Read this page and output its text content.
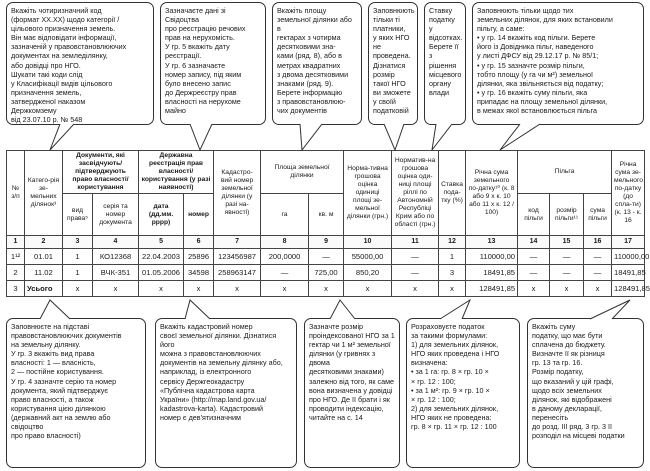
Вкажіть чотиризначний код
(формат ХХ.ХХ) щодо категорії /
цільового призначення земель.
Він має відповідати інформації,
зазначеній у правовстановлюючих
документах на земледілянку,
або довідці про НГО.
Шукати такі коди слід
у Класифікації видів цільового
призначення земель,
затвердженої наказом
Держкомзему
від 23.07.10 р. № 548
Зазначаєте дані зі Свідоцтва
про реєстрацію речових
прав на нерухомість.
У гр. 5 вкажіть дату
реєстрації.
У гр. 6 зазначаєте
номер запису, під яким
було внесено запис
до Держреєстру прав
власності на нерухоме
майно
Вкажіть площу
земельної ділянки або в
гектарах з чотирма
десятковими зна-
ками (ряд. 8), або в
метрах квадратних
з двома десятковими
знаками (ряд. 9).
Берете інформацію
з правовстановлюю-
чих документів
Заповнюють
тільки ті
платники,
у яких НГО
не проведена.
Дізнатися
розмір
такої НГО
ви зможете
у своїй
податковій
Ставку
податку
у відсотках.
Берете її з
рішення
місцевого
органу
влади
Заповнюють тільки щодо тих
земельних ділянок, для яких встановили
пільгу, а саме:
• у гр. 14 вкажіть код пільги. Берете
його із Довідника пільг, наведеного
у листі ДФСУ від 29.12.17 р. № 85/1;
• у гр. 15 зазначте розмір пільги,
тобто площу (у га чи м²) земельної
ділянки, яка звільняється від податку;
• у гр. 16 вкажіть суму пільги, яка
припадає на площу земельної ділянки,
в межах якої встановлюється пільга
№ з/п	Катего-рія зе-мельних ділянок³	Документи, які засвідчують/ підтверджують право власності/ користування		Державна реєстрація прав власності/ користування (у разі наявності)		Кадастро-вий номер земельної ділянки (у разі на-явності)	Площа земельної ділянки		Норма-тивна грошова оцінка одиниці площі зе-мельної ділянки (грн.)	Норматив-на грошова оцінка оди-ниці площі ріллі по Автономній Республіці Крим або по області (грн.)	Ставка пода-тку (%)	Річна сума земельного по-датку¹⁰ (к. 8 або 9 х к. 10 або 11 х к. 12 / 100)	Пільга			Річна сума зе-мельного по-датку (до спла-ти) (к. 13 - к. 16
		вид права⁵	серія та номер документа	дата (дд.мм. рррр)	номер		га	кв. м					код пільги	розмір пільги¹¹	сума пільги	
1	2	3	4	5	6	7	8	9	10	11	12	13	14	15	16	17
1¹²	01.01	1	КО12368	22.04.2003	25896	123456987	200,0000	—	55000,00	—	1	110000,00	—	—	—	110000,00
2	11.02	1	ВЧК-351	01.05.2006	34598	258963147	—	725,00	850,20	—	3	18491,85	—	—	—	18491,85
3	Усього	х	х	х	х	х	х	х	х	х	х	128491,85	х	х	х	128491,85
Заповнюєте на підставі
правовстановлюючих документів
на земельну ділянку.
У гр. 3 вкажіть вид права
власності: 1 — власність,
2 — постійне користування.
У гр. 4 зазначте серію та номер
документа, який підтверджує
право власності, а також
користування цією ділянкою
(державний акт на землю або свідоцтво
про право власності)
Вкажіть кадастровий номер
своєї земельної ділянки. Дізнатися його
можна з правовстановлюючих
документів на земельну ділянку або,
наприклад, із електронного
сервісу Держгеокадастру
«Публічна кадастрова карта
України» (http://map.land.gov.ua/
kadastrova-karta). Кадастровий
номер є дев'ятизначним
Зазначте розмір
проіндексованої НГО за 1
гектар чи 1 м² земельної
ділянки (у гривнях з двома
десятковими знаками)
залежно від того, як саме
вона визначена у довідці
про НГО. Де її брати і як
проводити індексацію,
читайте на с. 14
Розраховуєте податок
за такими формулами:
1) для земельних ділянок,
НГО яких проведена і НГО
визначена:
• за 1 га: гр. 8 × гр. 10 ×
× гр. 12 : 100;
• за 1 м²: гр. 9 × гр. 10 ×
× гр. 12 : 100;
2) для земельних ділянок,
НГО яких не проведена:
гр. 8 × гр. 11 × гр. 12 : 100
Вкажіть суму
податку, що має бути
сплачена до бюджету.
Визначте її як різниця
гр. 13 та гр. 16.
Розмір податку,
що вказаний у цій графі,
щодо всіх земельних
ділянок, які відображені
в даному декларації, перенесіть
до розд. III ряд. 3 гр. 3 її
розподіл на місцеві податки
